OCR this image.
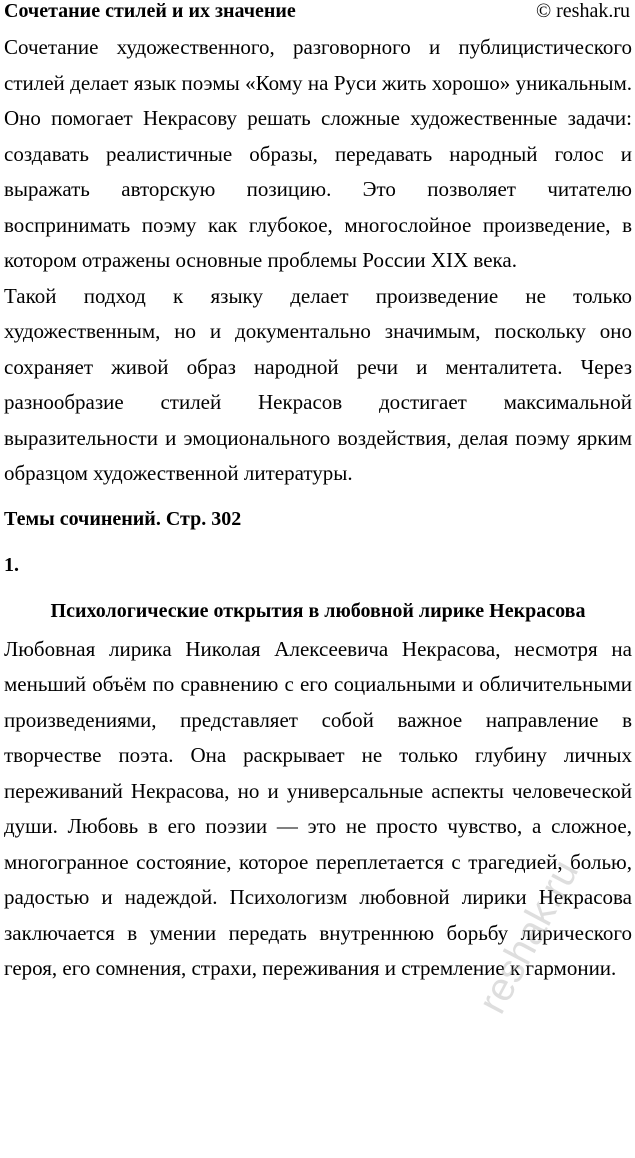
Сочетание стилей и их значение	© reshak.ru

Сочетание художественного, разговорного и публицистического стилей делает язык поэмы «Кому на Руси жить хорошо» уникальным. Оно помогает Некрасову решать сложные художественные задачи: создавать реалистичные образы, передавать народный голос и выражать авторскую позицию. Это позволяет читателю воспринимать поэму как глубокое, многослойное произведение, в котором отражены основные проблемы России XIX века.

Такой подход к языку делает произведение не только художественным, но и документально значимым, поскольку оно сохраняет живой образ народной речи и менталитета. Через разнообразие стилей Некрасов достигает максимальной выразительности и эмоционального воздействия, делая поэму ярким образцом художественной литературы.

Темы сочинений. Стр. 302
1.
Психологические открытия в любовной лирике Некрасова

Любовная лирика Николая Алексеевича Некрасова, несмотря на меньший объём по сравнению с его социальными и обличительными произведениями, представляет собой важное направление в творчестве поэта. Она раскрывает не только глубину личных переживаний Некрасова, но и универсальные аспекты человеческой души. Любовь в его поэзии — это не просто чувство, а сложное, многогранное состояние, которое переплетается с трагедией, болью, радостью и надеждой. Психологизм любовной лирики Некрасова заключается в умении передать внутреннюю борьбу лирического героя, его сомнения, страхи, переживания и стремление к гармонии.

reshak.ru
